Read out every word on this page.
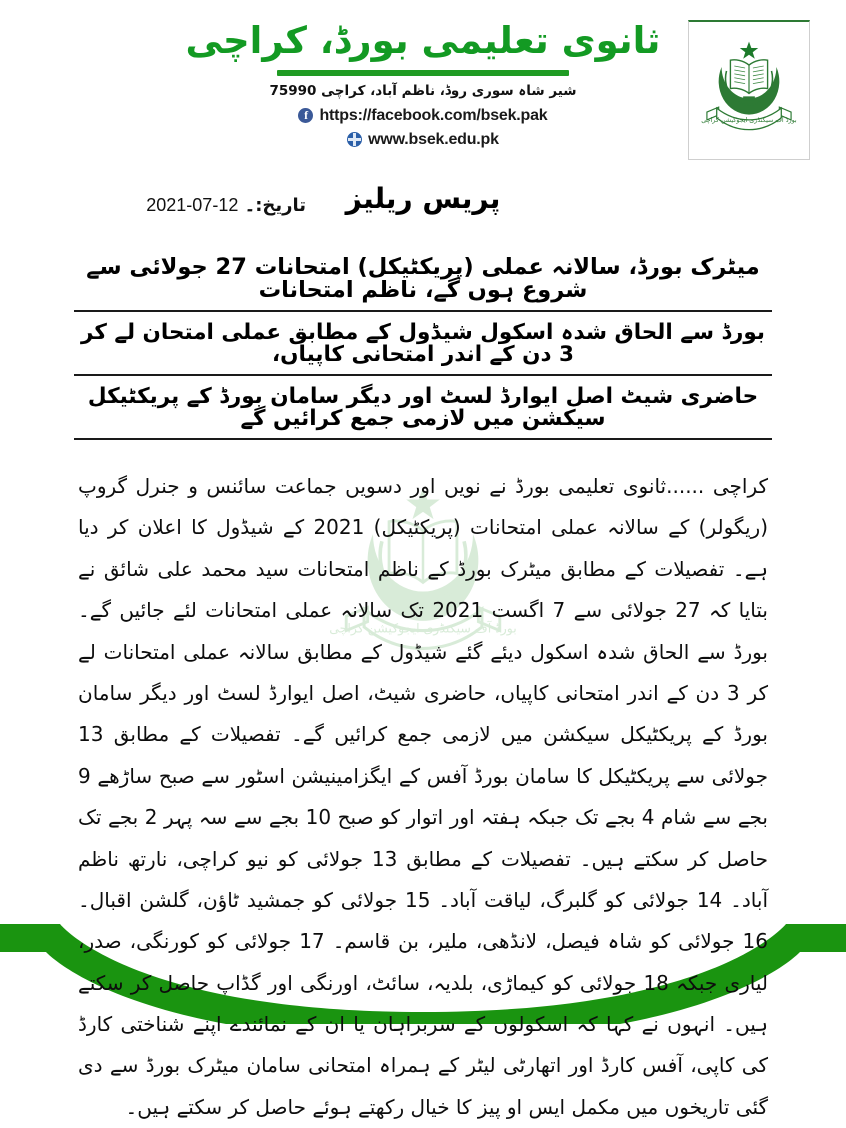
ثانوی تعلیمی بورڈ، کراچی
شیر شاہ سوری روڈ، ناظم آباد، کراچی 75990
f https://facebook.com/bsek.pak
www.bsek.edu.pk
بورڈ آف سیکنڈری ایجوکیشن کراچی
پریس ریلیز
تاریخ:۔ 12-07-2021
میٹرک بورڈ، سالانہ عملی (پریکٹیکل) امتحانات 27 جولائی سے شروع ہوں گے، ناظم امتحانات
بورڈ سے الحاق شدہ اسکول شیڈول کے مطابق عملی امتحان لے کر 3 دن کے اندر امتحانی کاپیاں،
حاضری شیٹ اصل ایوارڈ لسٹ اور دیگر سامان بورڈ کے پریکٹیکل سیکشن میں لازمی جمع کرائیں گے
بورڈ آف سیکنڈری ایجوکیشن کراچی

کراچی ......ثانوی تعلیمی بورڈ نے نویں اور دسویں جماعت سائنس و جنرل گروپ (ریگولر) کے سالانہ عملی امتحانات (پریکٹیکل) 2021 کے شیڈول کا اعلان کر دیا ہے۔ تفصیلات کے مطابق میٹرک بورڈ کے ناظم امتحانات سید محمد علی شائق نے بتایا کہ 27 جولائی سے 7 اگست 2021 تک سالانہ عملی امتحانات لئے جائیں گے۔ بورڈ سے الحاق شدہ اسکول دیئے گئے شیڈول کے مطابق سالانہ عملی امتحانات لے کر 3 دن کے اندر امتحانی کاپیاں، حاضری شیٹ، اصل ایوارڈ لسٹ اور دیگر سامان بورڈ کے پریکٹیکل سیکشن میں لازمی جمع کرائیں گے۔ تفصیلات کے مطابق 13 جولائی سے پریکٹیکل کا سامان بورڈ آفس کے ایگزامینیشن اسٹور سے صبح ساڑھے 9 بجے سے شام 4 بجے تک جبکہ ہفتہ اور اتوار کو صبح 10 بجے سے سہ پہر 2 بجے تک حاصل کر سکتے ہیں۔ تفصیلات کے مطابق 13 جولائی کو نیو کراچی، نارتھ ناظم آباد۔ 14 جولائی کو گلبرگ، لیاقت آباد۔ 15 جولائی کو جمشید ٹاؤن، گلشن اقبال۔ 16 جولائی کو شاہ فیصل، لانڈھی، ملیر، بن قاسم۔ 17 جولائی کو کورنگی، صدر، لیاری جبکہ 18 جولائی کو کیماڑی، بلدیہ، سائٹ، اورنگی اور گڈاپ حاصل کر سکتے ہیں۔ انہوں نے کہا کہ اسکولوں کے سربراہان یا ان کے نمائندے اپنے شناختی کارڈ کی کاپی، آفس کارڈ اور اتھارٹی لیٹر کے ہمراہ امتحانی سامان میٹرک بورڈ سے دی گئی تاریخوں میں مکمل ایس او پیز کا خیال رکھتے ہوئے حاصل کر سکتے ہیں۔
